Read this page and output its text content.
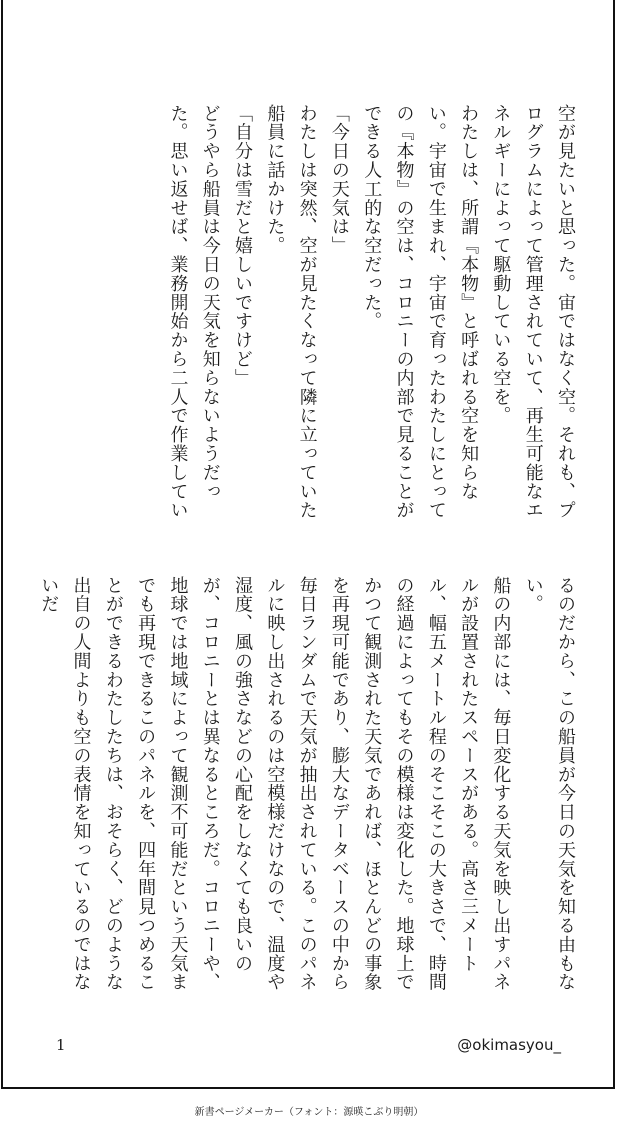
空が見たいと思った。宙ではなく空。それも、プログラムによって管理されていて、再生可能なエネルギーによって駆動している空を。

わたしは、所謂『本物』と呼ばれる空を知らない。宇宙で生まれ、宇宙で育ったわたしにとっての『本物』の空は、コロニーの内部で見ることができる人工的な空だった。

「今日の天気は」

わたしは突然、空が見たくなって隣に立っていた船員に話かけた。

「自分は雪だと嬉しいですけど」

どうやら船員は今日の天気を知らないようだった。思い返せば、業務開始から二人で作業してい

るのだから、この船員が今日の天気を知る由もない。

船の内部には、毎日変化する天気を映し出すパネルが設置されたスペースがある。高さ三メートル、幅五メートル程のそこそこの大きさで、時間の経過によってもその模様は変化した。地球上でかつて観測された天気であれば、ほとんどの事象を再現可能であり、膨大なデータベースの中から毎日ランダムで天気が抽出されている。このパネルに映し出されるのは空模様だけなので、温度や湿度、風の強さなどの心配をしなくても良いのが、コロニーとは異なるところだ。コロニーや、地球では地域によって観測不可能だという天気までも再現できるこのパネルを、四年間見つめることができるわたしたちは、おそらく、どのような出自の人間よりも空の表情を知っているのではないだ

1	@okimasyou_
新書ページメーカー（フォント：源暎こぶり明朝）
